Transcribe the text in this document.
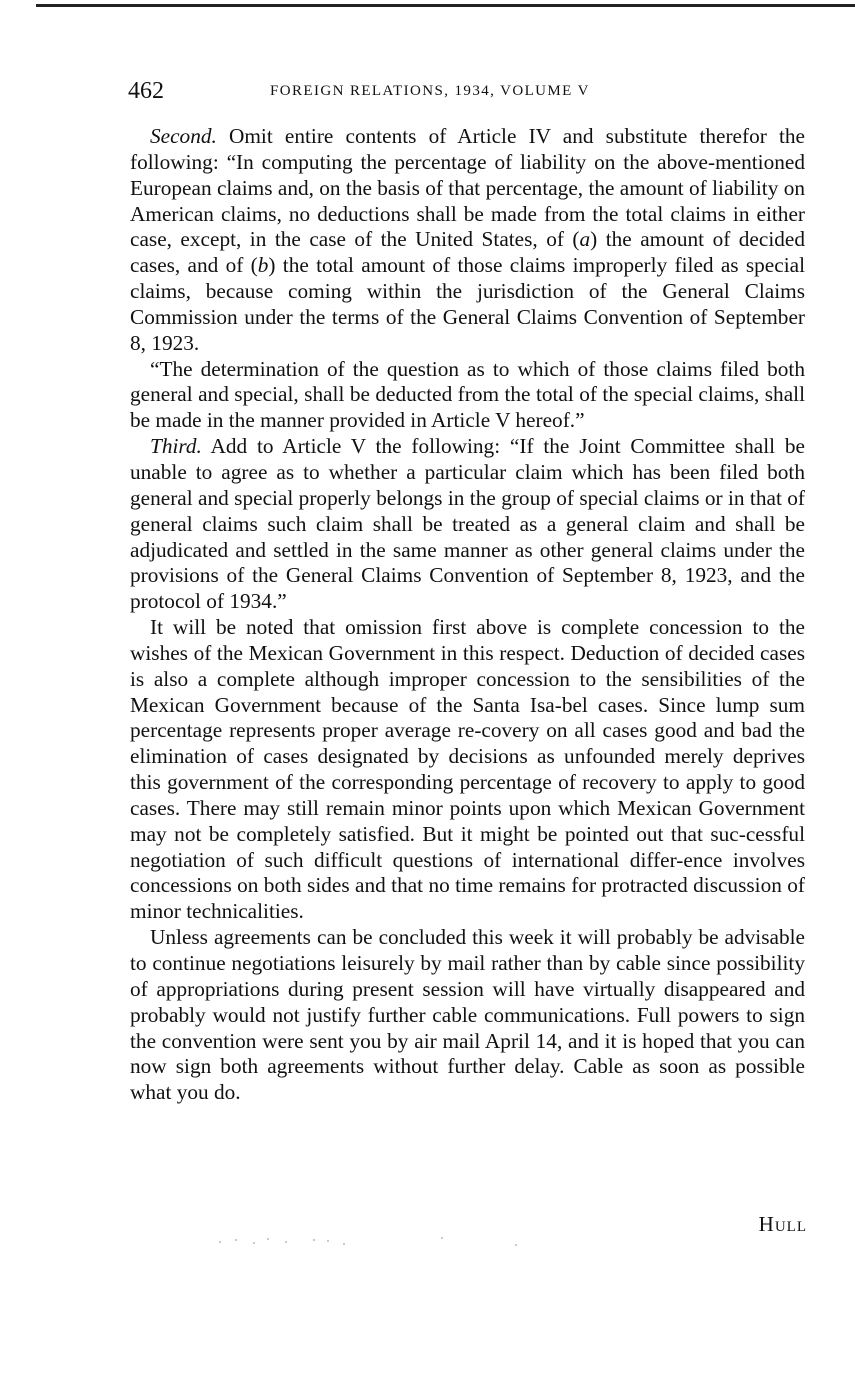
462	FOREIGN RELATIONS, 1934, VOLUME V

Second. Omit entire contents of Article IV and substitute therefor the following: “In computing the percentage of liability on the above-mentioned European claims and, on the basis of that percentage, the amount of liability on American claims, no deductions shall be made from the total claims in either case, except, in the case of the United States, of (a) the amount of decided cases, and of (b) the total amount of those claims improperly filed as special claims, because coming within the jurisdiction of the General Claims Commission under the terms of the General Claims Convention of September 8, 1923.

“The determination of the question as to which of those claims filed both general and special, shall be deducted from the total of the special claims, shall be made in the manner provided in Article V hereof.”

Third. Add to Article V the following: “If the Joint Committee shall be unable to agree as to whether a particular claim which has been filed both general and special properly belongs in the group of special claims or in that of general claims such claim shall be treated as a general claim and shall be adjudicated and settled in the same manner as other general claims under the provisions of the General Claims Convention of September 8, 1923, and the protocol of 1934.”

It will be noted that omission first above is complete concession to the wishes of the Mexican Government in this respect. Deduction of decided cases is also a complete although improper concession to the sensibilities of the Mexican Government because of the Santa Isa-bel cases. Since lump sum percentage represents proper average re-covery on all cases good and bad the elimination of cases designated by decisions as unfounded merely deprives this government of the corresponding percentage of recovery to apply to good cases. There may still remain minor points upon which Mexican Government may not be completely satisfied. But it might be pointed out that suc-cessful negotiation of such difficult questions of international differ-ence involves concessions on both sides and that no time remains for protracted discussion of minor technicalities.

Unless agreements can be concluded this week it will probably be advisable to continue negotiations leisurely by mail rather than by cable since possibility of appropriations during present session will have virtually disappeared and probably would not justify further cable communications. Full powers to sign the convention were sent you by air mail April 14, and it is hoped that you can now sign both agreements without further delay. Cable as soon as possible what you do.

Hull
